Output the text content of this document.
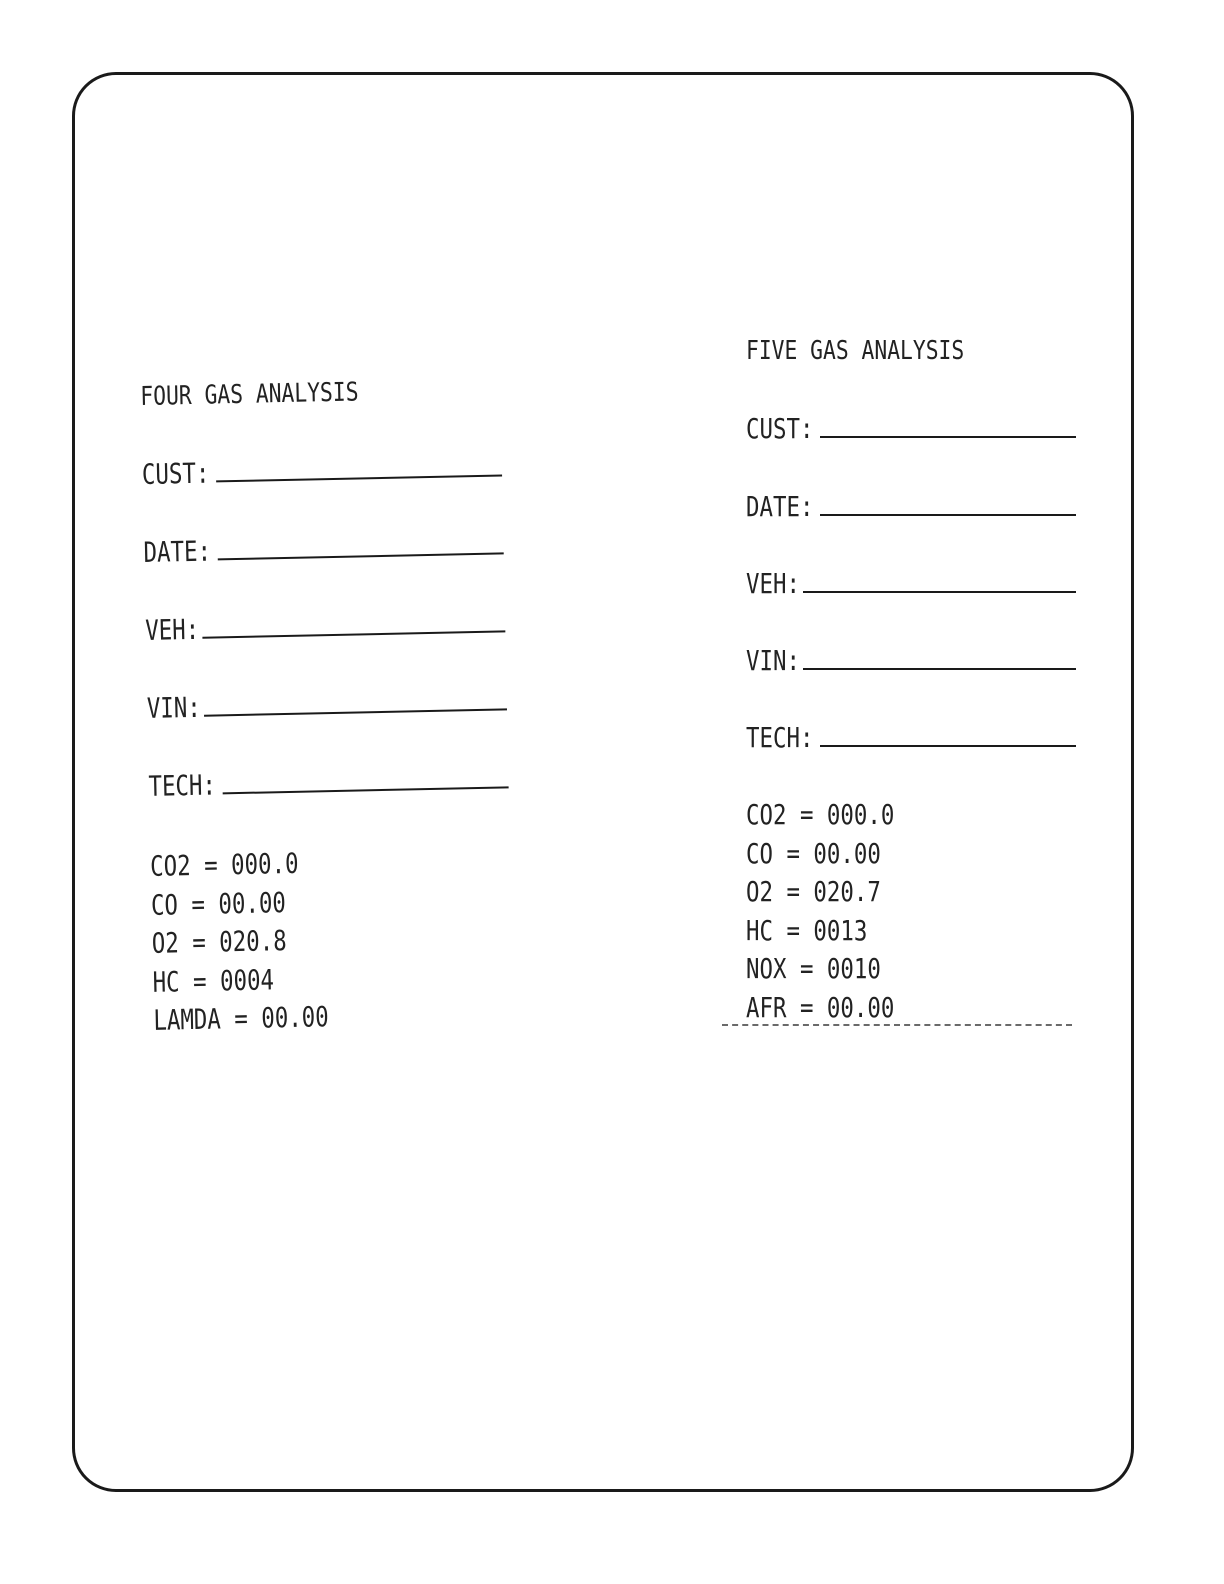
FOUR GAS ANALYSIS
CUST:
DATE:
VEH:
VIN:
TECH:
CO2 = 000.0
CO = 00.00
O2 = 020.8
HC = 0004
LAMDA = 00.00
FIVE GAS ANALYSIS
CUST:
DATE:
VEH:
VIN:
TECH:
CO2 = 000.0
CO = 00.00
O2 = 020.7
HC = 0013
NOX = 0010
AFR = 00.00
